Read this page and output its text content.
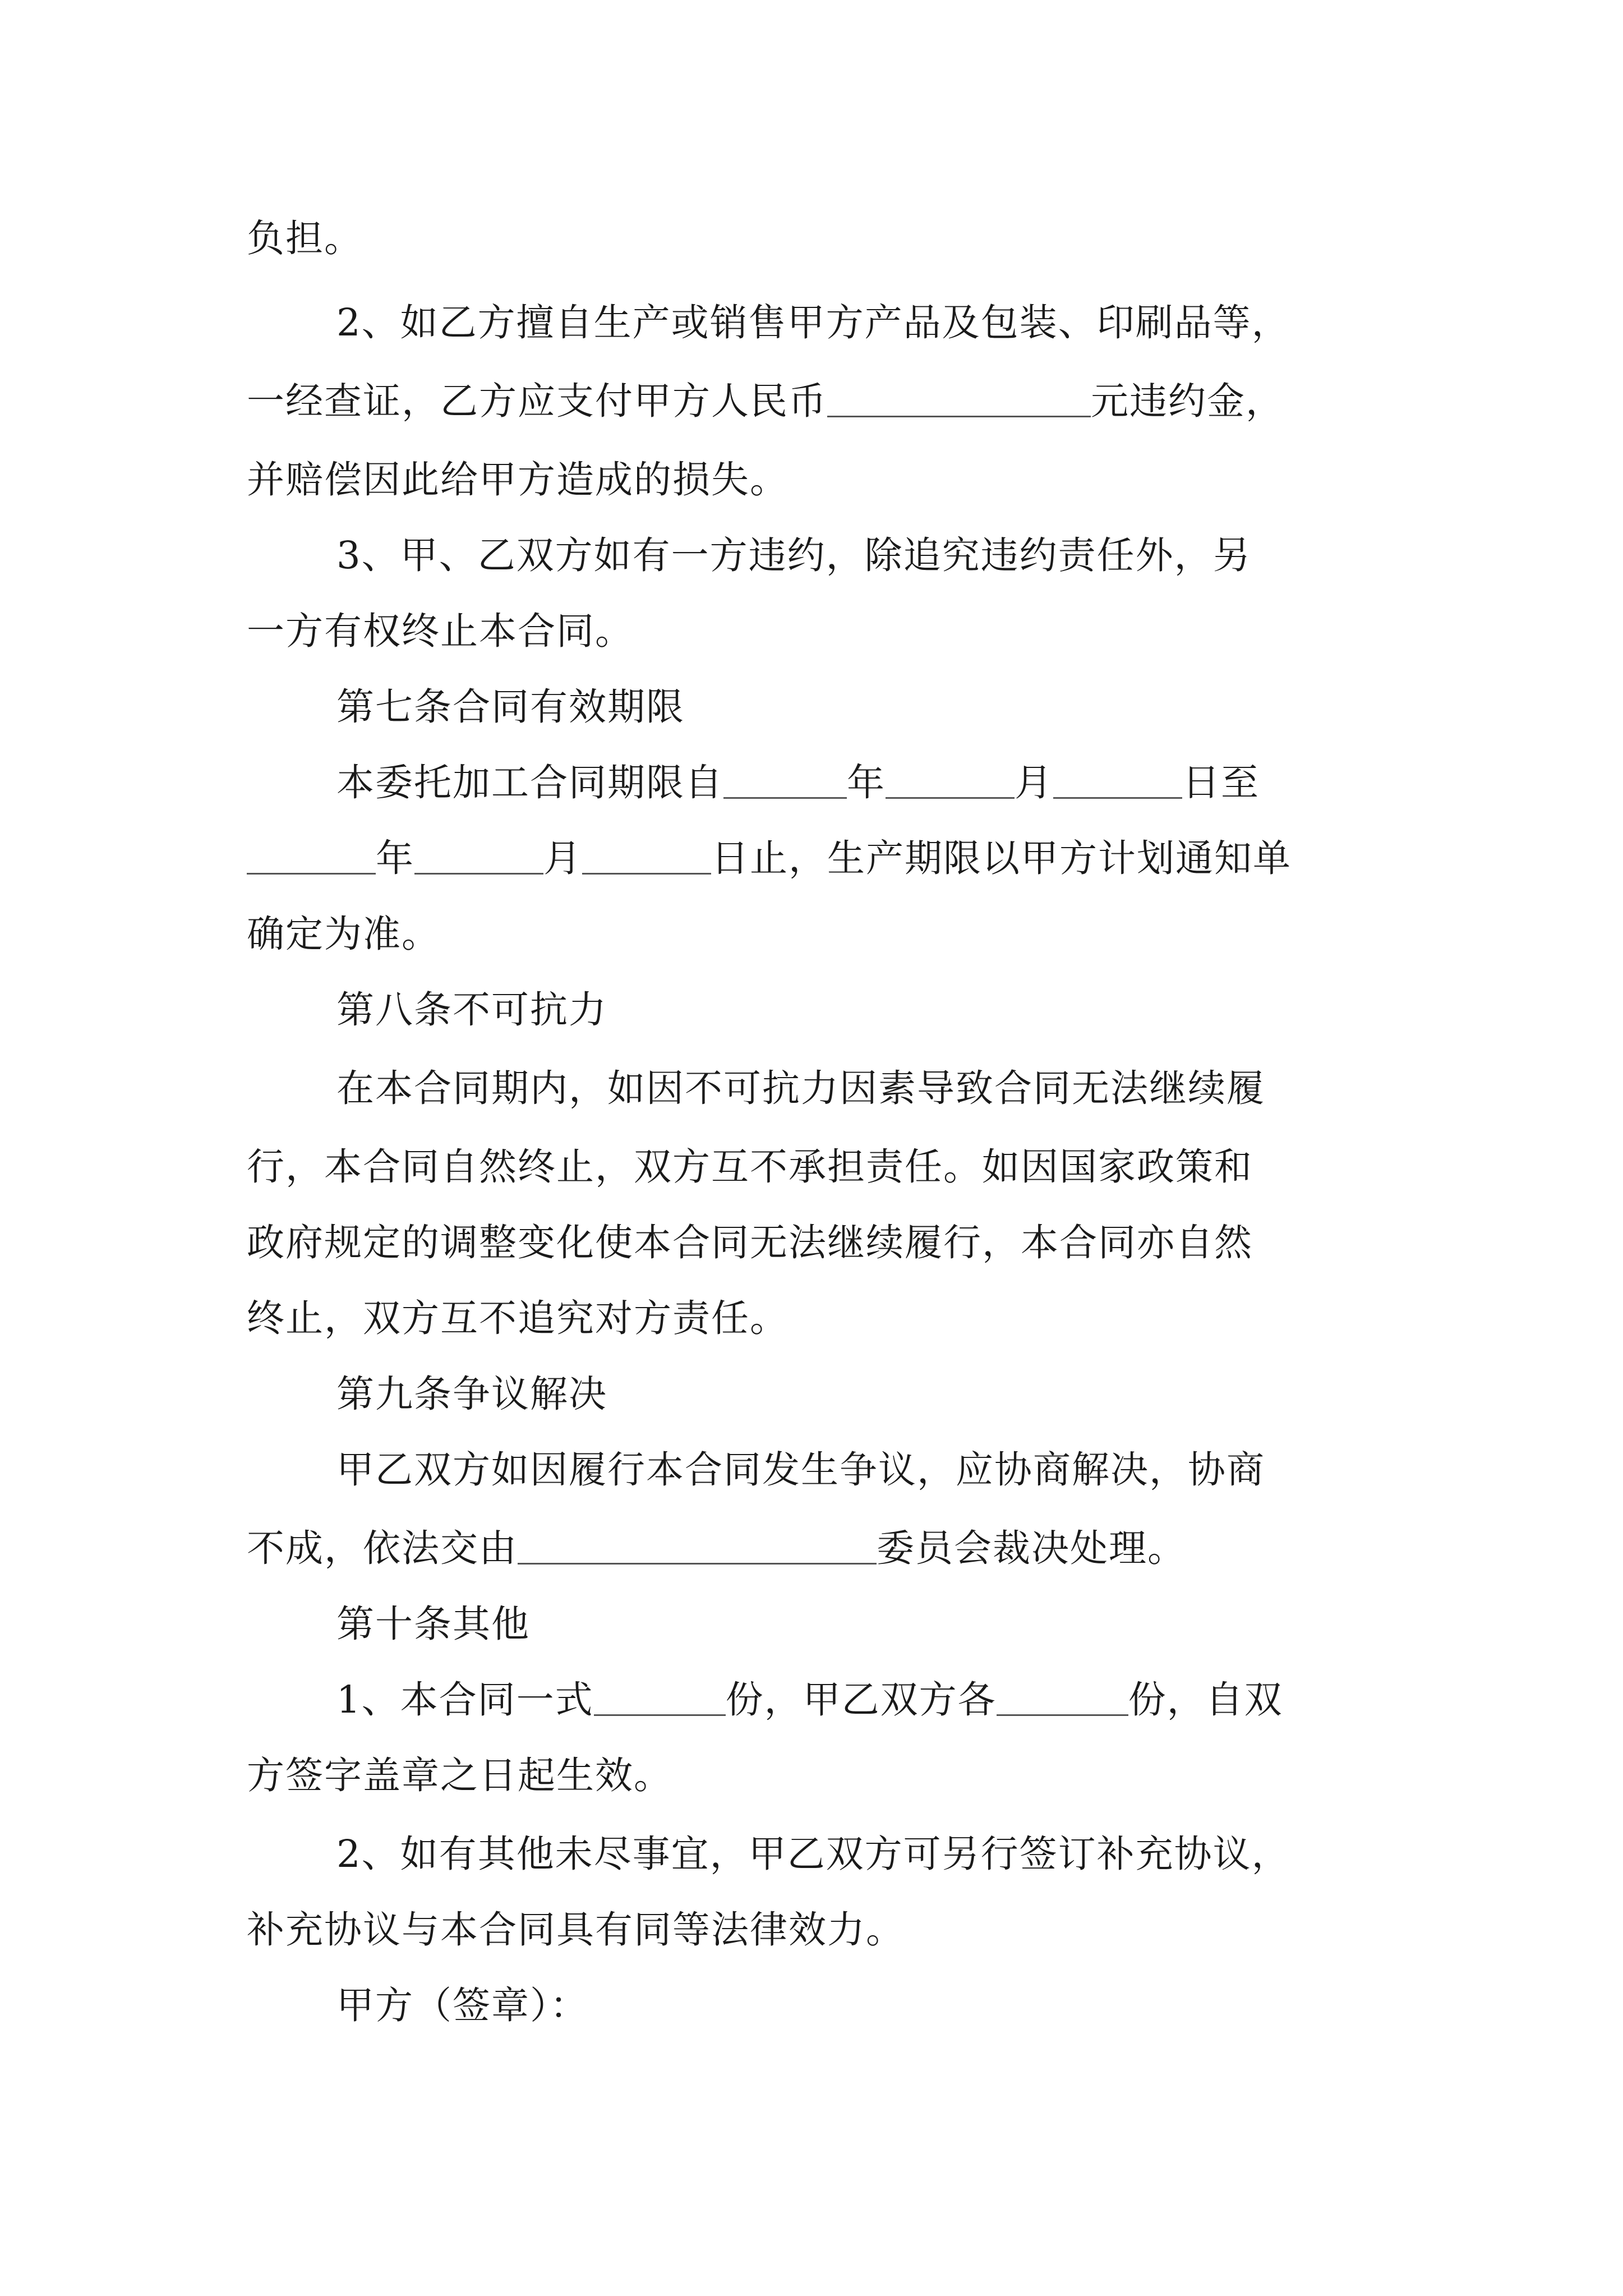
负担。
2、如乙方擅自生产或销售甲方产品及包装、印刷品等，
一经查证，乙方应支付甲方人民币	元违约金，
并赔偿因此给甲方造成的损失。
3、甲、乙双方如有一方违约，除追究违约责任外，另
一方有权终止本合同。
第七条合同有效期限
本委托加工合同期限自	年	月	日至
年	月	日止，生产期限以甲方计划通知单
确定为准。
第八条不可抗力
在本合同期内，如因不可抗力因素导致合同无法继续履
行，本合同自然终止，双方互不承担责任。如因国家政策和
政府规定的调整变化使本合同无法继续履行，本合同亦自然
终止，双方互不追究对方责任。
第九条争议解决
甲乙双方如因履行本合同发生争议，应协商解决，协商
不成，依法交由	委员会裁决处理。
第十条其他
1、本合同一式	份，甲乙双方各	份，自双
方签字盖章之日起生效。
2、如有其他未尽事宜，甲乙双方可另行签订补充协议，
补充协议与本合同具有同等法律效力。
甲方（签章）：
